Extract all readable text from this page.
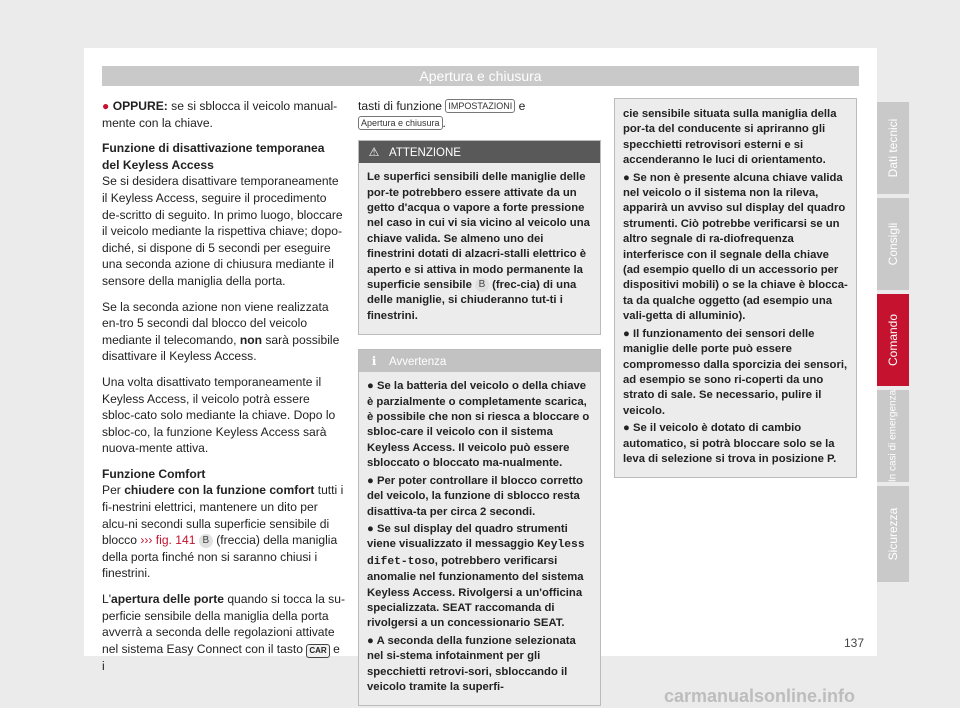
Apertura e chiusura

● OPPURE: se si sblocca il veicolo manual-mente con la chiave.

Funzione di disattivazione temporanea del Keyless Access

Se si desidera disattivare temporaneamente il Keyless Access, seguire il procedimento de-scritto di seguito. In primo luogo, bloccare il veicolo mediante la rispettiva chiave; dopo-diché, si dispone di 5 secondi per eseguire una seconda azione di chiusura mediante il sensore della maniglia della porta.

Se la seconda azione non viene realizzata en-tro 5 secondi dal blocco del veicolo mediante il telecomando, non sarà possibile disattivare il Keyless Access.

Una volta disattivato temporaneamente il Keyless Access, il veicolo potrà essere sbloc-cato solo mediante la chiave. Dopo lo sbloc-co, la funzione Keyless Access sarà nuova-mente attiva.

Funzione Comfort

Per chiudere con la funzione comfort tutti i fi-nestrini elettrici, mantenere un dito per alcu-ni secondi sulla superficie sensibile di blocco ››› fig. 141 B (freccia) della maniglia della porta finché non si saranno chiusi i finestrini.

L'apertura delle porte quando si tocca la su-perficie sensibile della maniglia della porta avverrà a seconda delle regolazioni attivate nel sistema Easy Connect con il tasto CAR e i

tasti di funzione IMPOSTAZIONI e Apertura e chiusura .

⚠ ATTENZIONE

Le superfici sensibili delle maniglie delle por-te potrebbero essere attivate da un getto d'acqua o vapore a forte pressione nel caso in cui vi sia vicino al veicolo una chiave valida. Se almeno uno dei finestrini dotati di alzacri-stalli elettrico è aperto e si attiva in modo permanente la superficie sensibile B (frec-cia) di una delle maniglie, si chiuderanno tut-ti i finestrini.

ℹ Avvertenza

● Se la batteria del veicolo o della chiave è parzialmente o completamente scarica, è possibile che non si riesca a bloccare o sbloc-care il veicolo con il sistema Keyless Access. Il veicolo può essere sbloccato o bloccato ma-nualmente.

● Per poter controllare il blocco corretto del veicolo, la funzione di sblocco resta disattiva-ta per circa 2 secondi.

● Se sul display del quadro strumenti viene visualizzato il messaggio Keyless difet-toso, potrebbero verificarsi anomalie nel funzionamento del sistema Keyless Access. Rivolgersi a un'officina specializzata. SEAT raccomanda di rivolgersi a un concessionario SEAT.

● A seconda della funzione selezionata nel si-stema infotainment per gli specchietti retrovi-sori, sbloccando il veicolo tramite la superfi-

cie sensibile situata sulla maniglia della por-ta del conducente si apriranno gli specchietti retrovisori esterni e si accenderanno le luci di orientamento.

● Se non è presente alcuna chiave valida nel veicolo o il sistema non la rileva, apparirà un avviso sul display del quadro strumenti. Ciò potrebbe verificarsi se un altro segnale di ra-diofrequenza interferisce con il segnale della chiave (ad esempio quello di un accessorio per dispositivi mobili) o se la chiave è blocca-ta da qualche oggetto (ad esempio una vali-getta di alluminio).

● Il funzionamento dei sensori delle maniglie delle porte può essere compromesso dalla sporcizia dei sensori, ad esempio se sono ri-coperti da uno strato di sale. Se necessario, pulire il veicolo.

● Se il veicolo è dotato di cambio automatico, si potrà bloccare solo se la leva di selezione si trova in posizione P.

Dati tecnici
Consigli
Comando
In casi di emergenza
Sicurezza
137
carmanualsonline.info
